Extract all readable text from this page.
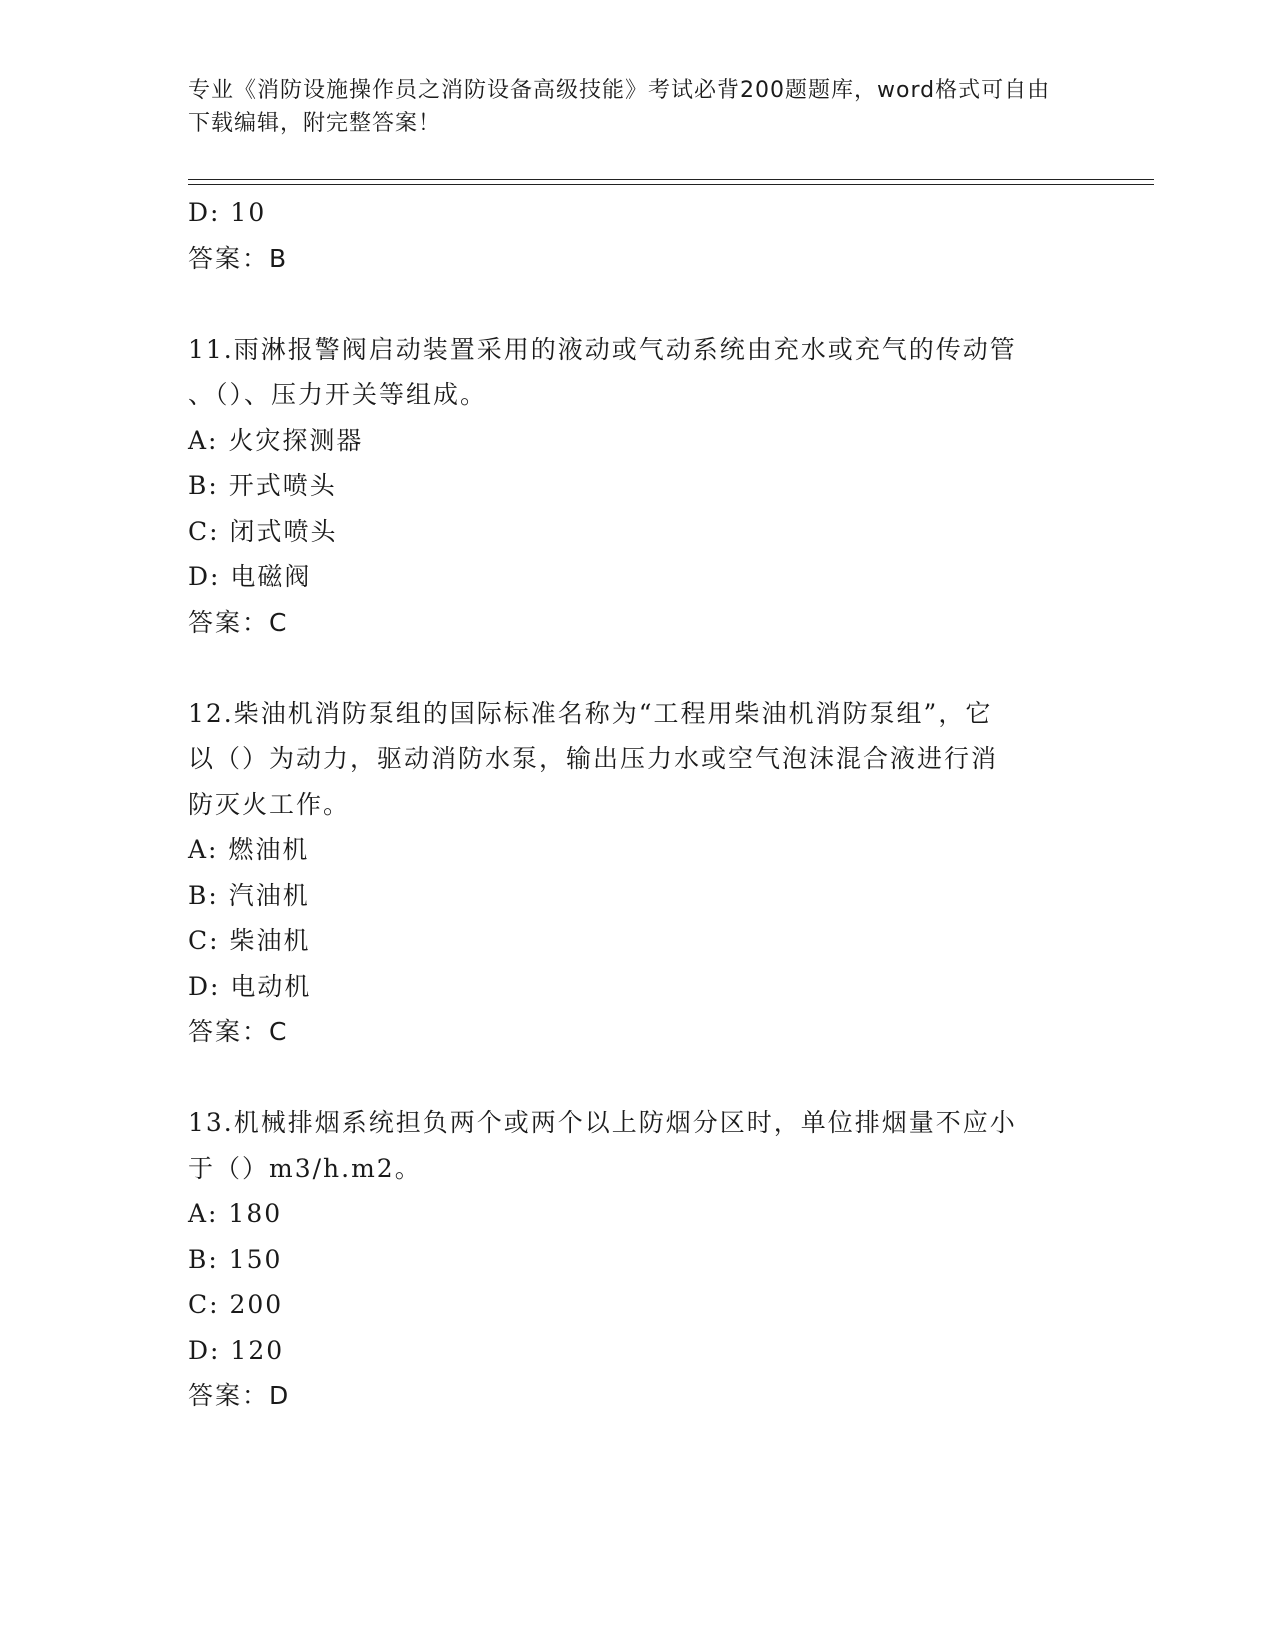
专业《消防设施操作员之消防设备高级技能》考试必背200题题库，word格式可自由下载编辑，附完整答案！
D: 10
答案：B
11.雨淋报警阀启动装置采用的液动或气动系统由充水或充气的传动管
、（）、压力开关等组成。
A: 火灾探测器
B: 开式喷头
C: 闭式喷头
D: 电磁阀
答案：C
12.柴油机消防泵组的国际标准名称为“工程用柴油机消防泵组”，它
以（）为动力，驱动消防水泵，输出压力水或空气泡沫混合液进行消
防灭火工作。
A: 燃油机
B: 汽油机
C: 柴油机
D: 电动机
答案：C
13.机械排烟系统担负两个或两个以上防烟分区时，单位排烟量不应小
于（）m3/h.m2。
A: 180
B: 150
C: 200
D: 120
答案：D
